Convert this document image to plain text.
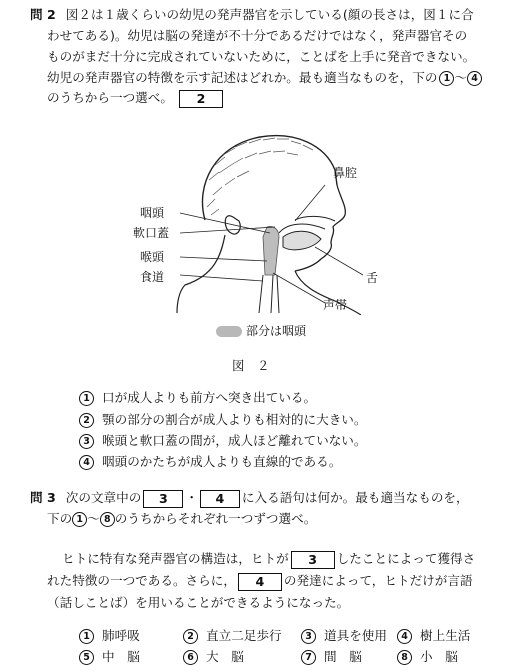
問 2 図２は１歳くらいの幼児の発声器官を示している(顔の長さは，図１に合
わせてある)。幼児は脳の発達が不十分であるだけではなく，発声器官その
ものがまだ十分に完成されていないために，ことばを上手に発音できない。
幼児の発声器官の特徴を示す記述はどれか。最も適当なものを，下の 1 〜 4
のうちから一つ選べ。 2
鼻腔
咽頭
軟口蓋
喉頭
食道	舌
声帯
部分は咽頭
図　２
1 口が成人よりも前方へ突き出ている。
2 顎の部分の割合が成人よりも相対的に大きい。
3 喉頭と軟口蓋の間が，成人ほど離れていない。
4 咽頭のかたちが成人よりも直線的である。
問 3 次の文章中の 3 ・ 4 に入る語句は何か。最も適当なものを，
下の 1 〜 8 のうちからそれぞれ一つずつ選べ。
ヒトに特有な発声器官の構造は，ヒトが 3 したことによって獲得さ
れた特徴の一つである。さらに， 4 の発達によって，ヒトだけが言語
（話しことば）を用いることができるようになった。
1 肺呼吸	2 直立二足歩行	3 道具を使用	4 樹上生活
5 中　脳	6 大　脳	7 間　脳	8 小　脳
